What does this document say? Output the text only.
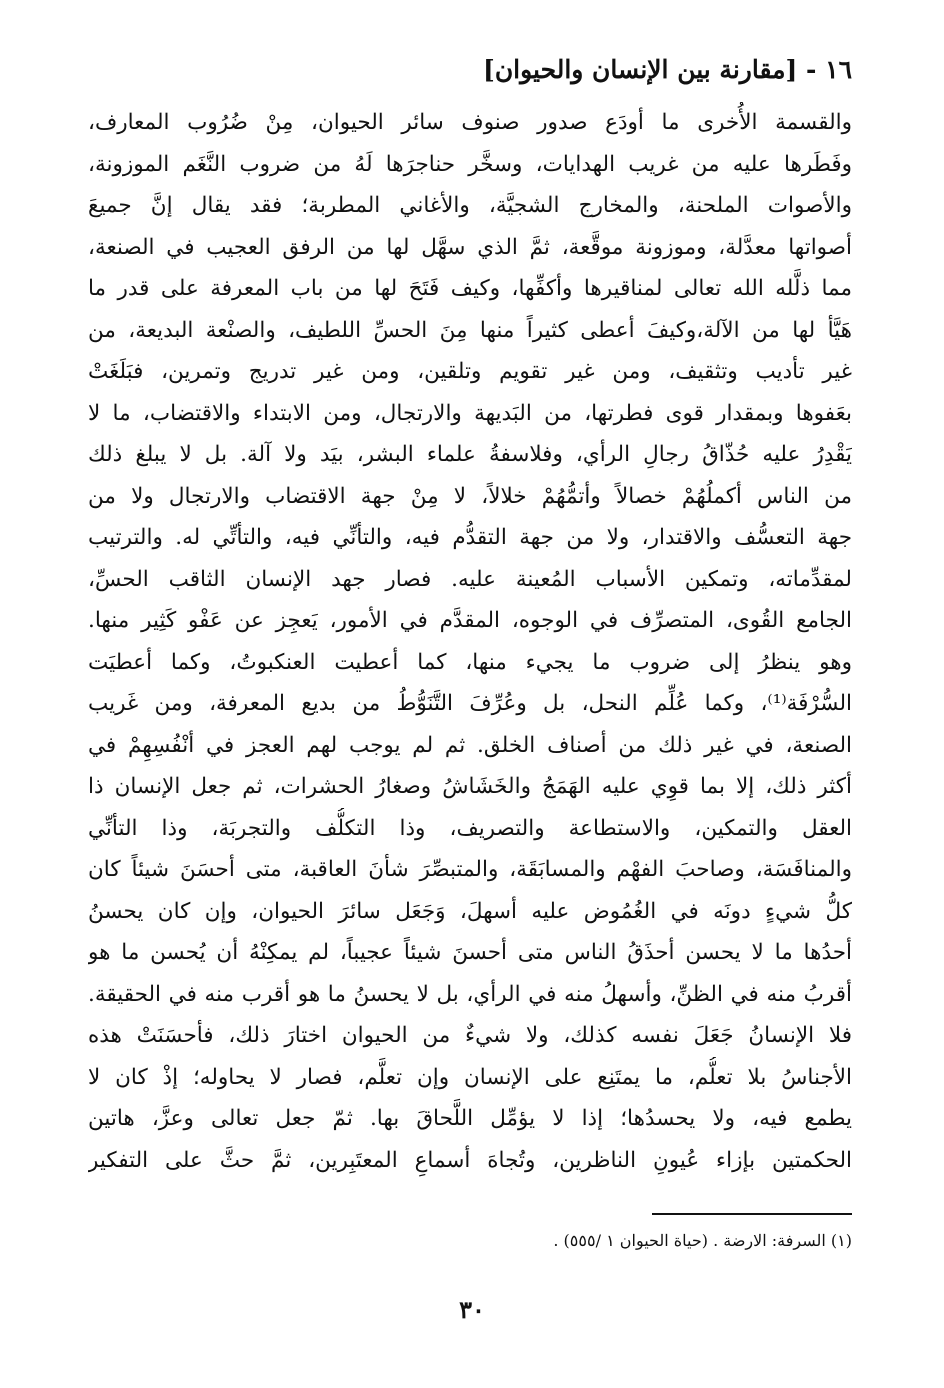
١٦ - [مقارنة بين الإنسان والحيوان]
والقسمة الأُخرى ما أودَع صدور صنوف سائر الحيوان، مِنْ ضُرُوب المعارف،
وفَطَرها عليه من غريب الهدايات، وسخَّر حناجرَها لَهُ من ضروب النَّغَم الموزونة،
والأصوات الملحنة، والمخارج الشجيَّة، والأغاني المطربة؛ فقد يقال إنَّ جميعَ
أصواتها معدَّلة، وموزونة موقَّعة، ثمَّ الذي سهَّل لها من الرفق العجيب في الصنعة،
مما ذلَّله الله تعالى لمناقيرها وأكفِّها، وكيف فَتَحَ لها من باب المعرفة على قدر ما
هَيَّأ لها من الآلة،وكيفَ أعطى كثيراً منها مِنَ الحسِّ اللطيف، والصنْعة البديعة، من
غير تأديب وتثقيف، ومن غير تقويم وتلقين، ومن غير تدريج وتمرين، فبَلَغَتْ
بعَفوها وبمقدار قوى فطرتها، من البَديهة والارتجال، ومن الابتداء والاقتضاب، ما لا
يَقْدِرُ عليه حُذّاقُ رجالِ الرأي، وفلاسفةُ علماء البشر، بيَد ولا آلة. بل لا يبلغ ذلك
من الناس أكملُهُمْ خصالاً وأتمُّهُمْ خلالاً، لا مِنْ جهة الاقتضاب والارتجال ولا من
جهة التعسُّف والاقتدار، ولا من جهة التقدُّم فيه، والتأنِّي فيه، والتأتِّي له. والترتيب
لمقدِّماته، وتمكين الأسباب المُعينة عليه. فصار جهد الإنسان الثاقب الحسِّ،
الجامع القُوى، المتصرِّف في الوجوه، المقدَّم في الأمور، يَعجِز عن عَفْو كَثِير منها.
وهو ينظرُ إلى ضروب ما يجيء منها، كما أعطيت العنكبوتُ، وكما أعطيَت
السُّرْفَة⁽¹⁾، وكما عُلِّم النحل، بل وعُرِّفَ التَّنَوُّطُ من بديع المعرفة، ومن غَريب
الصنعة، في غير ذلك من أصناف الخلق. ثم لم يوجب لهم العجز في أنْفُسِهِمْ في
أكثر ذلك، إلا بما قوِي عليه الهَمَجُ والخَشَاشُ وصغارُ الحشرات، ثم جعل الإنسان ذا
العقل والتمكين، والاستطاعة والتصريف، وذا التكلُّف والتجربَة، وذا التأنِّي
والمنافَسَة، وصاحبَ الفهْم والمسابَقَة، والمتبصِّرَ شأنَ العاقبة، متى أحسَنَ شيئاً كان
كلُّ شيءٍ دونَه في الغُمُوض عليه أسهلَ، وَجَعَل سائرَ الحيوان، وإن كان يحسنُ
أحدُها ما لا يحسن أحذَقُ الناس متى أحسنَ شيئاً عجيباً، لم يمكِنْهُ أن يُحسن ما هو
أقربُ منه في الظنِّ، وأسهلُ منه في الرأي، بل لا يحسنُ ما هو أقرب منه في الحقيقة.
فلا الإنسانُ جَعَلَ نفسه كذلك، ولا شيءٌ من الحيوان اختارَ ذلك، فأحسَنَتْ هذه
الأجناسُ بلا تعلُّم، ما يمتَنِع على الإنسان وإن تعلَّم، فصار لا يحاوله؛ إذْ كان لا
يطمع فيه، ولا يحسدُها؛ إذا لا يؤمِّل اللَّحاقَ بها. ثمّ جعل تعالى وعزَّ، هاتين
الحكمتين بإزاء عُيونِ الناظرين، وتُجاهَ أسماعِ المعتَبِرين، ثمَّ حثَّ على التفكير
(١) السرفة: الارضة . (حياة الحيوان ١ /٥٥٥) .
٣٠
